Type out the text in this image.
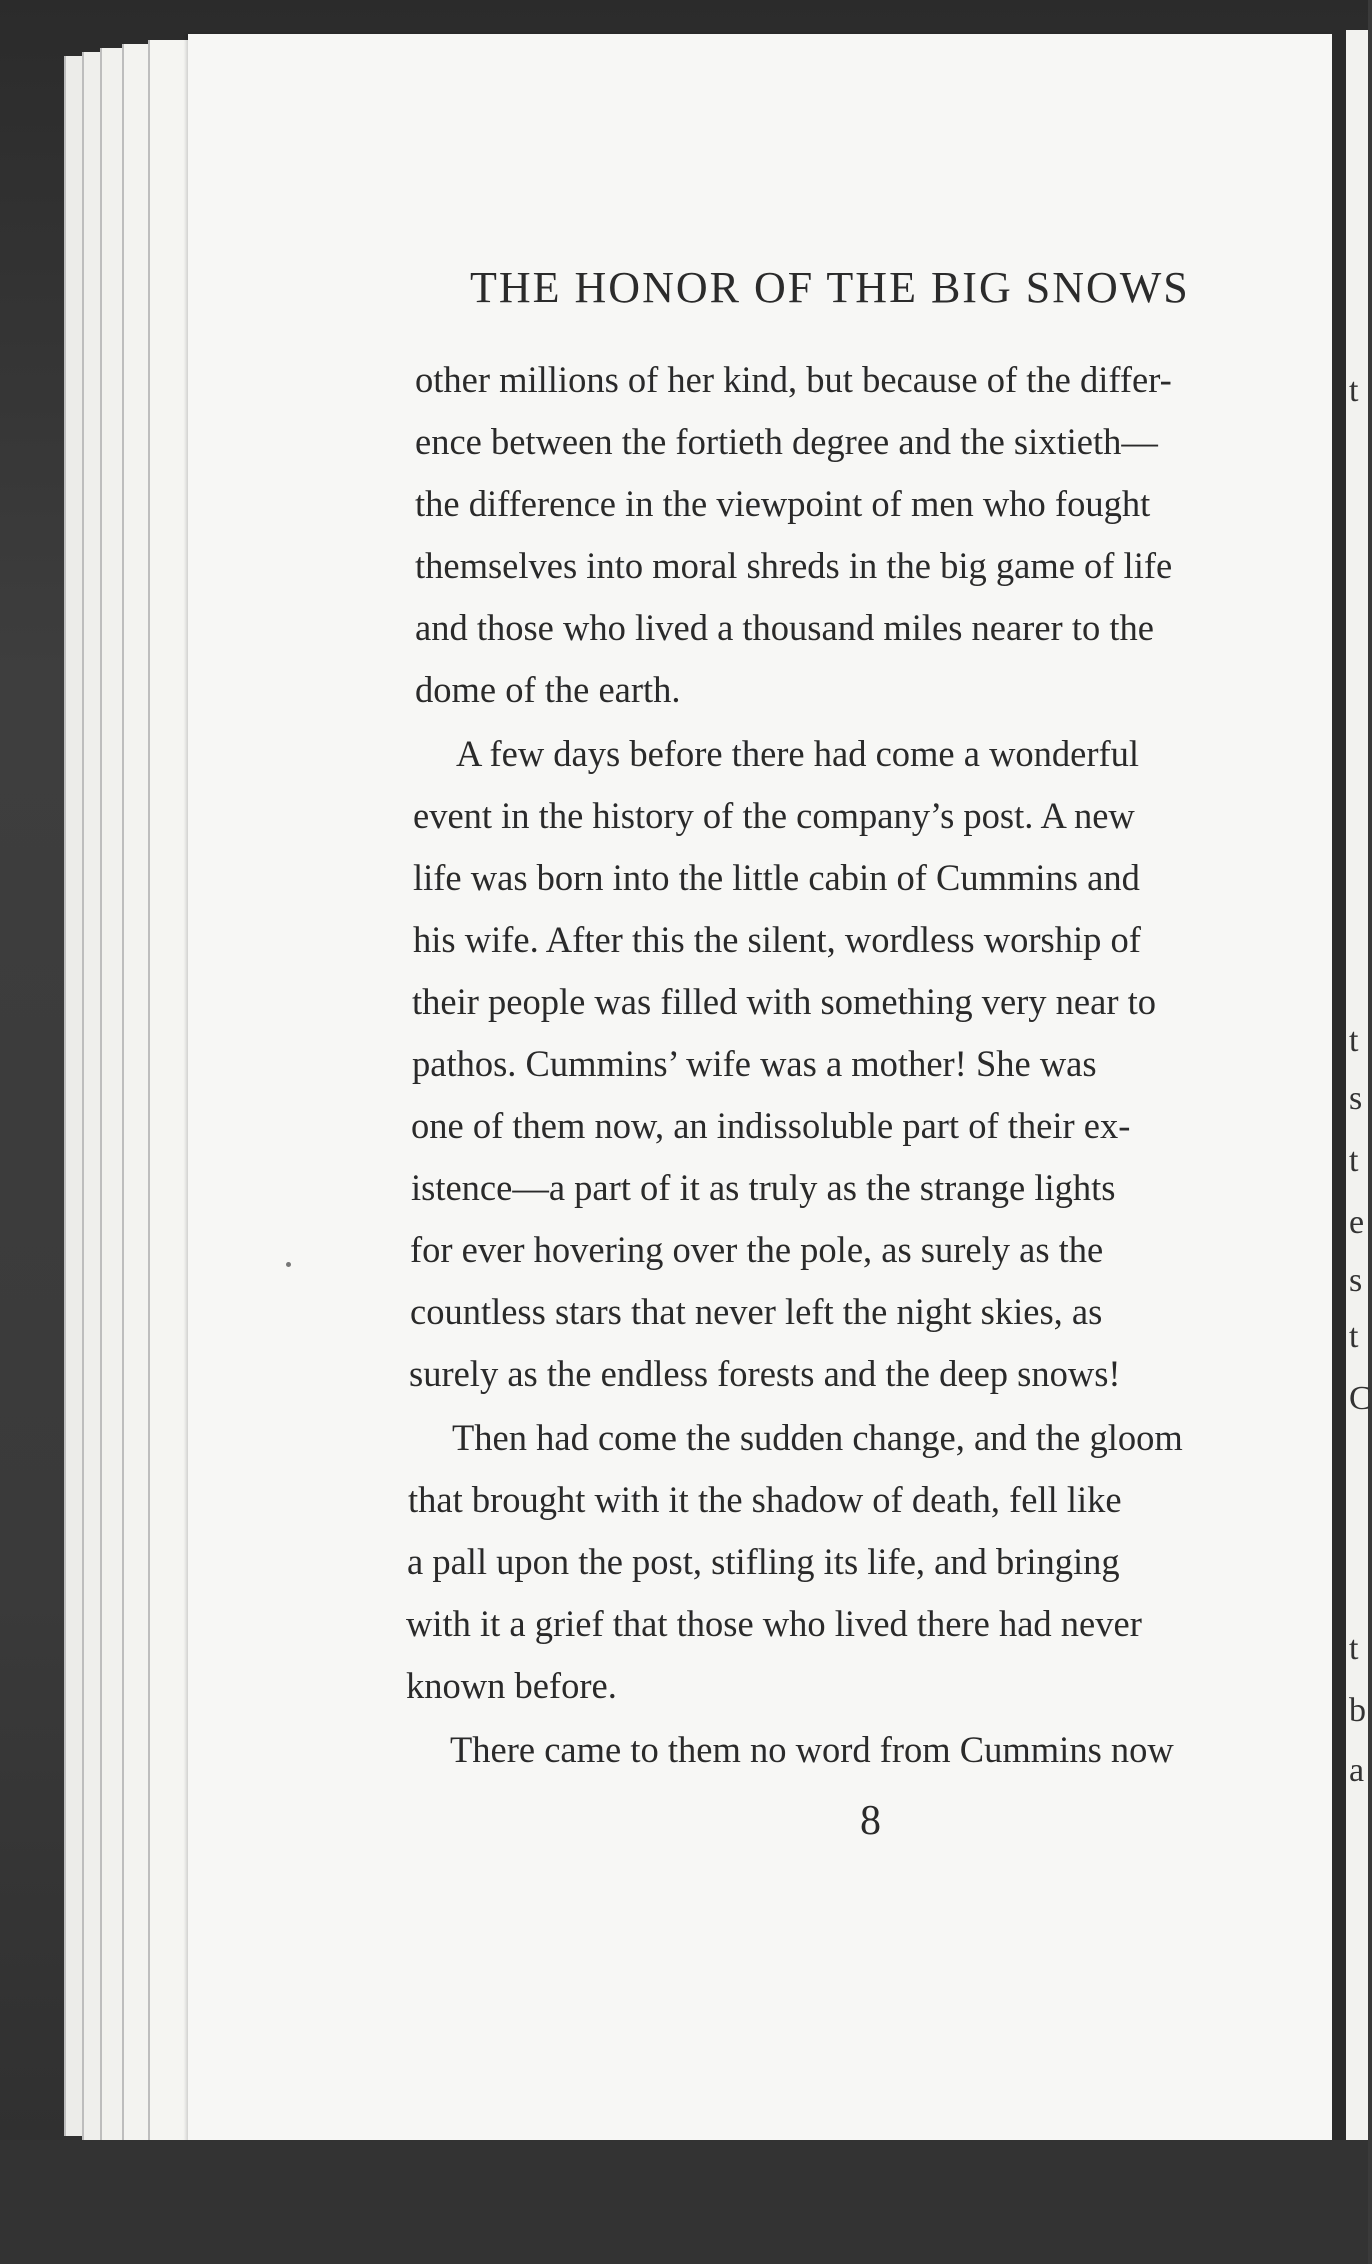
t
t
s
t
e
s
t
C
t
b
a
THE HONOR OF THE BIG SNOWS
other millions of her kind, but because of the differ-
ence between the fortieth degree and the sixtieth—
the difference in the viewpoint of men who fought
themselves into moral shreds in the big game of life
and those who lived a thousand miles nearer to the
dome of the earth.
A few days before there had come a wonderful
event in the history of the company’s post. A new
life was born into the little cabin of Cummins and
his wife. After this the silent, wordless worship of
their people was filled with something very near to
pathos. Cummins’ wife was a mother! She was
one of them now, an indissoluble part of their ex-
istence—a part of it as truly as the strange lights
for ever hovering over the pole, as surely as the
countless stars that never left the night skies, as
surely as the endless forests and the deep snows!
Then had come the sudden change, and the gloom
that brought with it the shadow of death, fell like
a pall upon the post, stifling its life, and bringing
with it a grief that those who lived there had never
known before.
There came to them no word from Cummins now
8
